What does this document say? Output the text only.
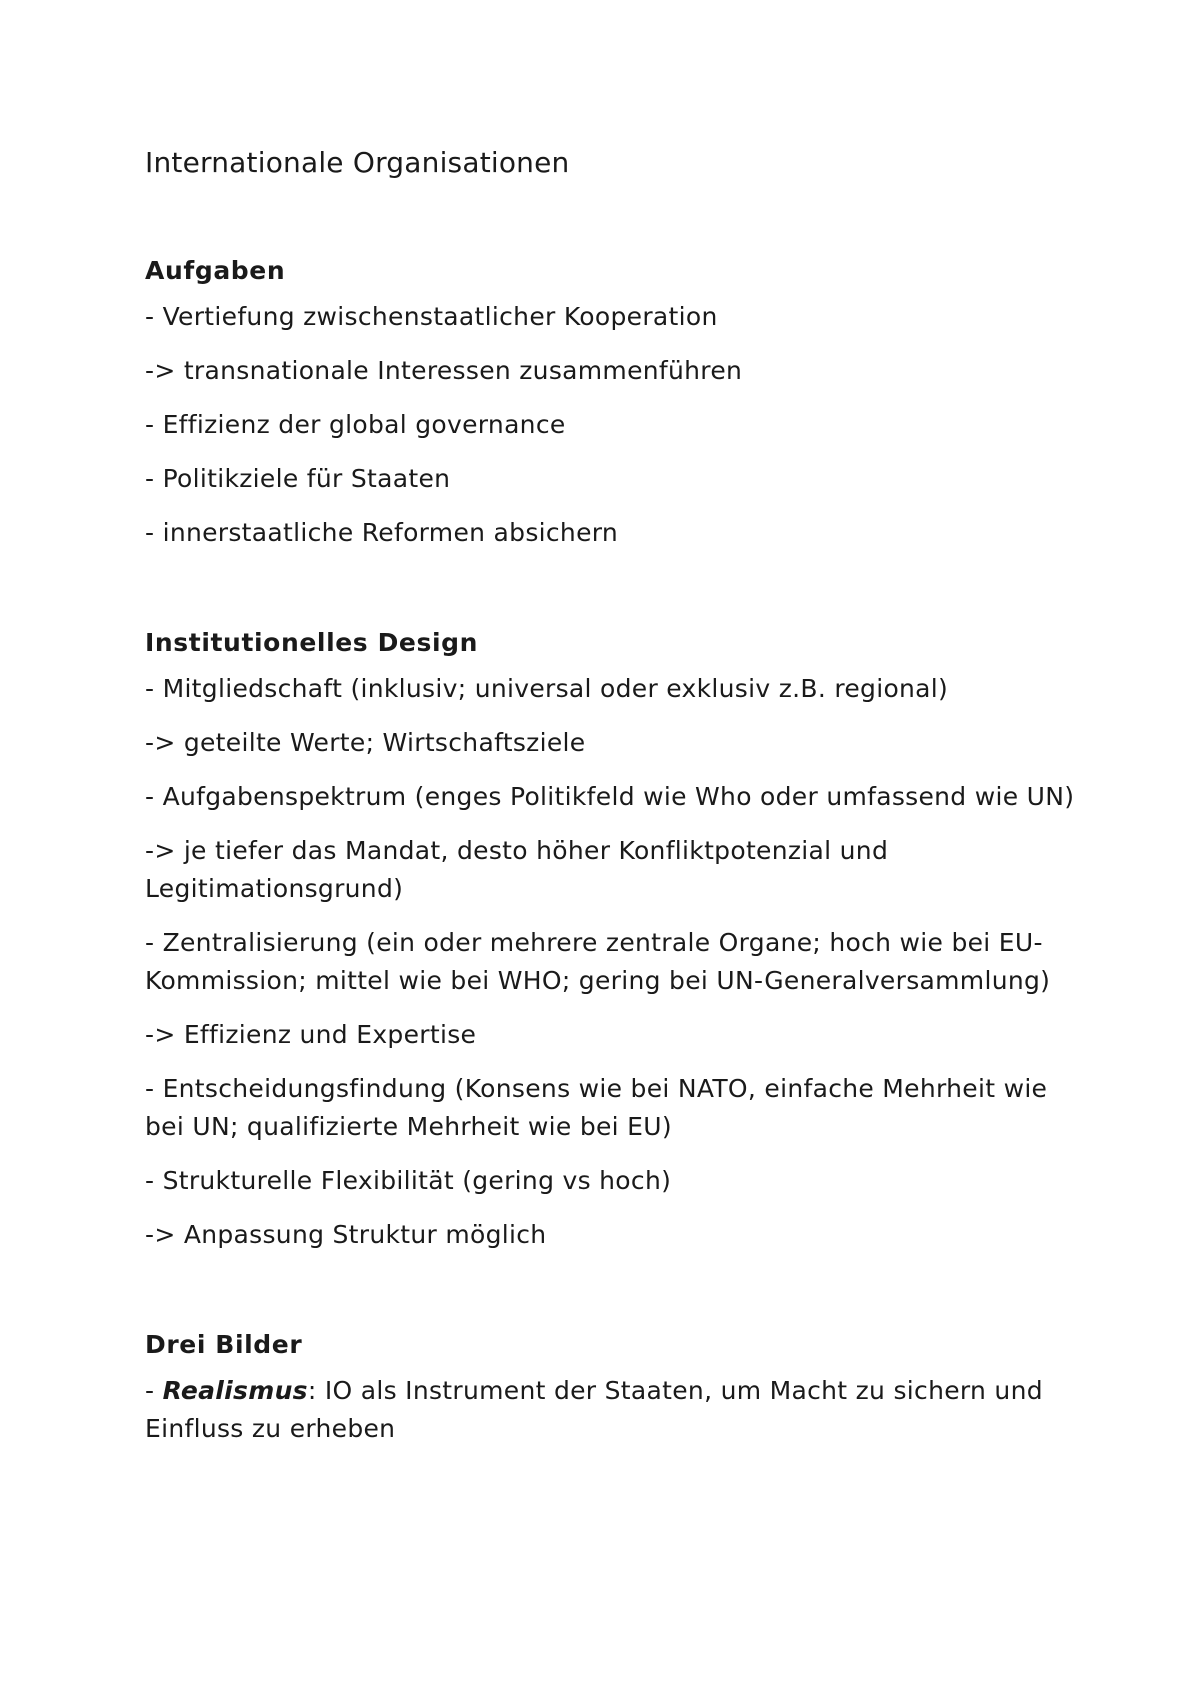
Internationale Organisationen
Aufgaben

- Vertiefung zwischenstaatlicher Kooperation

-> transnationale Interessen zusammenführen

- Effizienz der global governance

- Politikziele für Staaten

- innerstaatliche Reformen absichern

Institutionelles Design

- Mitgliedschaft (inklusiv; universal oder exklusiv z.B. regional)

-> geteilte Werte; Wirtschaftsziele

- Aufgabenspektrum (enges Politikfeld wie Who oder umfassend wie UN)

-> je tiefer das Mandat, desto höher Konfliktpotenzial und Legitimationsgrund)

- Zentralisierung (ein oder mehrere zentrale Organe; hoch wie bei EU-Kommission; mittel wie bei WHO; gering bei UN-Generalversammlung)

-> Effizienz und Expertise

- Entscheidungsfindung (Konsens wie bei NATO, einfache Mehrheit wie bei UN; qualifizierte Mehrheit wie bei EU)

- Strukturelle Flexibilität (gering vs hoch)

-> Anpassung Struktur möglich

Drei Bilder

- Realismus: IO als Instrument der Staaten, um Macht zu sichern und Einfluss zu erheben
